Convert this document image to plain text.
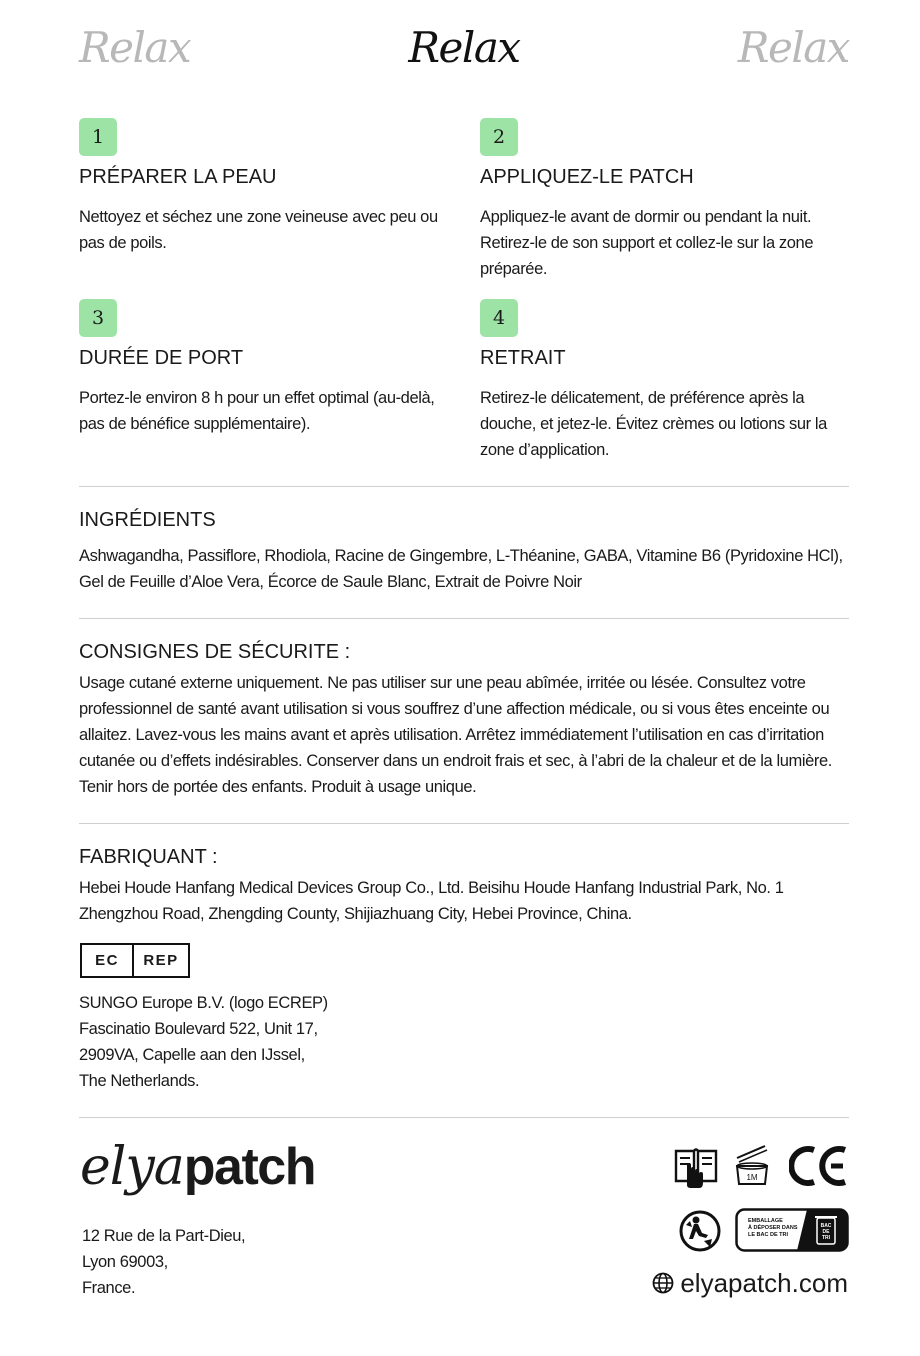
Relax	Relax	Relax
1
PRÉPARER LA PEAU

Nettoyez et séchez une zone veineuse avec peu ou pas de poils.

2
APPLIQUEZ-LE PATCH

Appliquez-le avant de dormir ou pendant la nuit. Retirez-le de son support et collez-le sur la zone préparée.

3
DURÉE DE PORT

Portez-le environ 8 h pour un effet optimal (au-delà, pas de bénéfice supplémentaire).

4
RETRAIT

Retirez-le délicatement, de préférence après la douche, et jetez-le. Évitez crèmes ou lotions sur la zone d’application.

INGRÉDIENTS

Ashwagandha, Passiflore, Rhodiola, Racine de Gingembre, L-Théanine, GABA, Vitamine B6 (Pyridoxine HCl), Gel de Feuille d’Aloe Vera, Écorce de Saule Blanc, Extrait de Poivre Noir

CONSIGNES DE SÉCURITE :

Usage cutané externe uniquement. Ne pas utiliser sur une peau abîmée, irritée ou lésée. Consultez votre professionnel de santé avant utilisation si vous souffrez d’une affection médicale, ou si vous êtes enceinte ou allaitez. Lavez-vous les mains avant et après utilisation. Arrêtez immédiatement l’utilisation en cas d’irritation cutanée ou d’effets indésirables. Conserver dans un endroit frais et sec, à l’abri de la chaleur et de la lumière. Tenir hors de portée des enfants. Produit à usage unique.

FABRIQUANT :

Hebei Houde Hanfang Medical Devices Group Co., Ltd. Beisihu Houde Hanfang Industrial Park, No. 1 Zhengzhou Road, Zhengding County, Shijiazhuang City, Hebei Province, China.

EC	REP
SUNGO Europe B.V. (logo ECREP)
Fascinatio Boulevard 522, Unit 17,
2909VA, Capelle aan den IJssel,
The Netherlands.
elyapatch
12 Rue de la Part-Dieu,
Lyon 69003,
France.
1M
EMBALLAGE
À DÉPOSER DANS
LE BAC DE TRI
BAC
DE
TRI
elyapatch.com
